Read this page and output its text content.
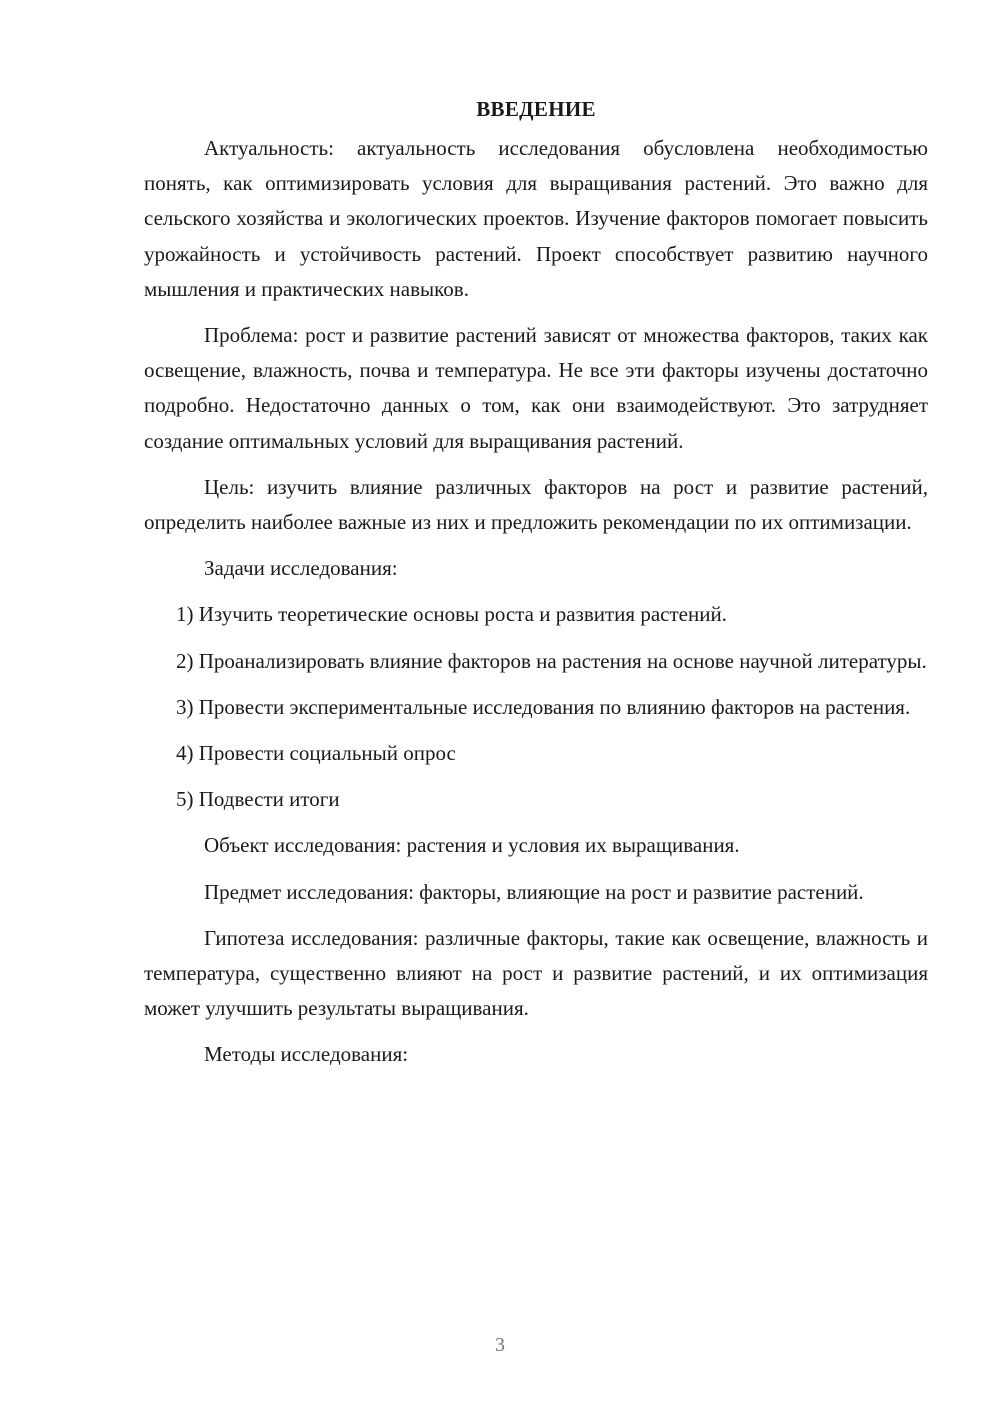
ВВЕДЕНИЕ

Актуальность: актуальность исследования обусловлена необходимостью понять, как оптимизировать условия для выращивания растений. Это важно для сельского хозяйства и экологических проектов. Изучение факторов помогает повысить урожайность и устойчивость растений. Проект способствует развитию научного мышления и практических навыков.

Проблема: рост и развитие растений зависят от множества факторов, таких как освещение, влажность, почва и температура. Не все эти факторы изучены достаточно подробно. Недостаточно данных о том, как они взаимодействуют. Это затрудняет создание оптимальных условий для выращивания растений.

Цель: изучить влияние различных факторов на рост и развитие растений, определить наиболее важные из них и предложить рекомендации по их оптимизации.

Задачи исследования:

1) Изучить теоретические основы роста и развития растений.

2) Проанализировать влияние факторов на растения на основе научной литературы.

3) Провести экспериментальные исследования по влиянию факторов на растения.

4) Провести социальный опрос

5) Подвести итоги

Объект исследования: растения и условия их выращивания.

Предмет исследования: факторы, влияющие на рост и развитие растений.

Гипотеза исследования: различные факторы, такие как освещение, влажность и температура, существенно влияют на рост и развитие растений, и их оптимизация может улучшить результаты выращивания.

Методы исследования:

3
